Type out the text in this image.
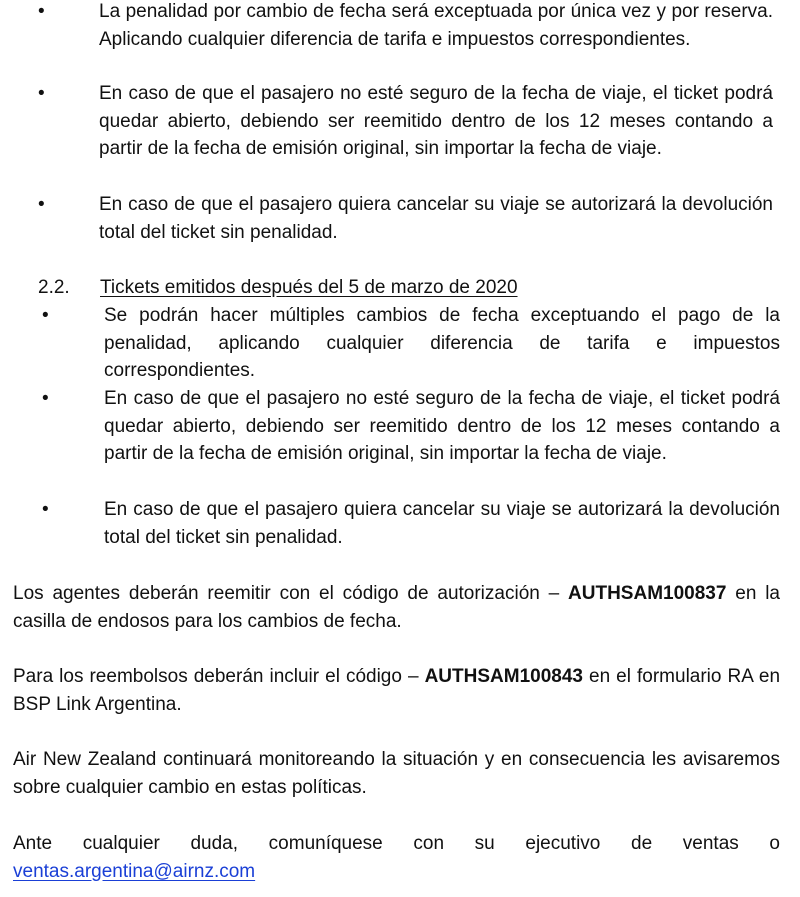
•	La penalidad por cambio de fecha será exceptuada por única vez y por reserva. Aplicando cualquier diferencia de tarifa e impuestos correspondientes.
•	En caso de que el pasajero no esté seguro de la fecha de viaje, el ticket podrá quedar abierto, debiendo ser reemitido dentro de los 12 meses contando a partir de la fecha de emisión original, sin importar la fecha de viaje.
•	En caso de que el pasajero quiera cancelar su viaje se autorizará la devolución total del ticket sin penalidad.
2.2. Tickets emitidos después del 5 de marzo de 2020
•	Se podrán hacer múltiples cambios de fecha exceptuando el pago de la penalidad, aplicando cualquier diferencia de tarifa e impuestos correspondientes.
•	En caso de que el pasajero no esté seguro de la fecha de viaje, el ticket podrá quedar abierto, debiendo ser reemitido dentro de los 12 meses contando a partir de la fecha de emisión original, sin importar la fecha de viaje.
•	En caso de que el pasajero quiera cancelar su viaje se autorizará la devolución total del ticket sin penalidad.
Los agentes deberán reemitir con el código de autorización – AUTHSAM100837 en la casilla de endosos para los cambios de fecha.
Para los reembolsos deberán incluir el código – AUTHSAM100843 en el formulario RA en BSP Link Argentina.
Air New Zealand continuará monitoreando la situación y en consecuencia les avisaremos sobre cualquier cambio en estas políticas.
Ante cualquier duda, comuníquese con su ejecutivo de ventas o ventas.argentina@airnz.com
